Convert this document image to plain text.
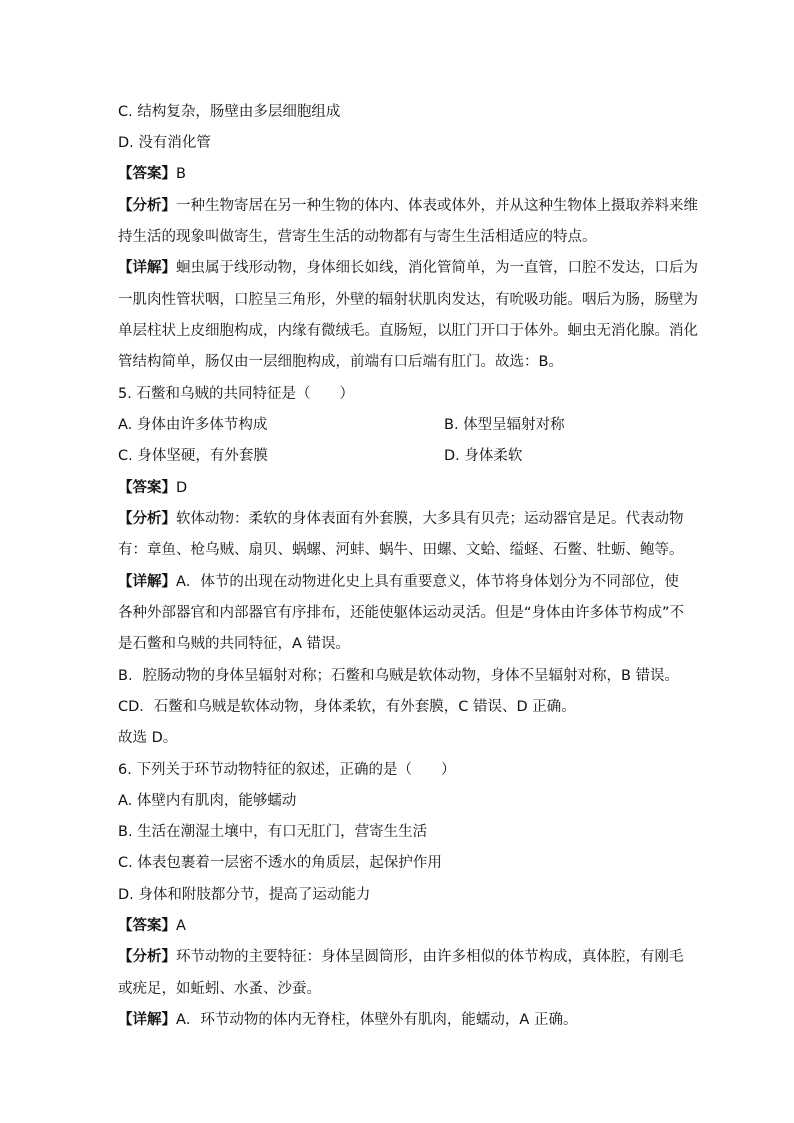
C. 结构复杂，肠壁由多层细胞组成
D. 没有消化管
【答案】B
【分析】一种生物寄居在另一种生物的体内、体表或体外，并从这种生物体上摄取养料来维
持生活的现象叫做寄生，营寄生生活的动物都有与寄生生活相适应的特点。
【详解】蛔虫属于线形动物，身体细长如线，消化管简单，为一直管，口腔不发达，口后为
一肌肉性管状咽，口腔呈三角形，外壁的辐射状肌肉发达，有吮吸功能。咽后为肠，肠壁为
单层柱状上皮细胞构成，内缘有微绒毛。直肠短，以肛门开口于体外。蛔虫无消化腺。消化
管结构简单，肠仅由一层细胞构成，前端有口后端有肛门。故选：B。
5. 石鳖和乌贼的共同特征是（　　）
A. 身体由许多体节构成	B. 体型呈辐射对称
C. 身体坚硬，有外套膜	D. 身体柔软
【答案】D
【分析】软体动物：柔软的身体表面有外套膜，大多具有贝壳；运动器官是足。代表动物
有：章鱼、枪乌贼、扇贝、蜗螺、河蚌、蜗牛、田螺、文蛤、缢蛏、石鳖、牡蛎、鲍等。
【详解】A．体节的出现在动物进化史上具有重要意义，体节将身体划分为不同部位，使
各种外部器官和内部器官有序排布，还能使躯体运动灵活。但是“身体由许多体节构成”不
是石鳖和乌贼的共同特征，A 错误。
B．腔肠动物的身体呈辐射对称；石鳖和乌贼是软体动物，身体不呈辐射对称，B 错误。
CD．石鳖和乌贼是软体动物，身体柔软，有外套膜，C 错误、D 正确。
故选 D。
6. 下列关于环节动物特征的叙述，正确的是（　　）
A. 体壁内有肌肉，能够蠕动
B. 生活在潮湿土壤中，有口无肛门，营寄生生活
C. 体表包裹着一层密不透水的角质层，起保护作用
D. 身体和附肢都分节，提高了运动能力
【答案】A
【分析】环节动物的主要特征：身体呈圆筒形，由许多相似的体节构成，真体腔，有刚毛
或疣足，如蚯蚓、水蚤、沙蚕。
【详解】A．环节动物的体内无脊柱，体壁外有肌肉，能蠕动，A 正确。
